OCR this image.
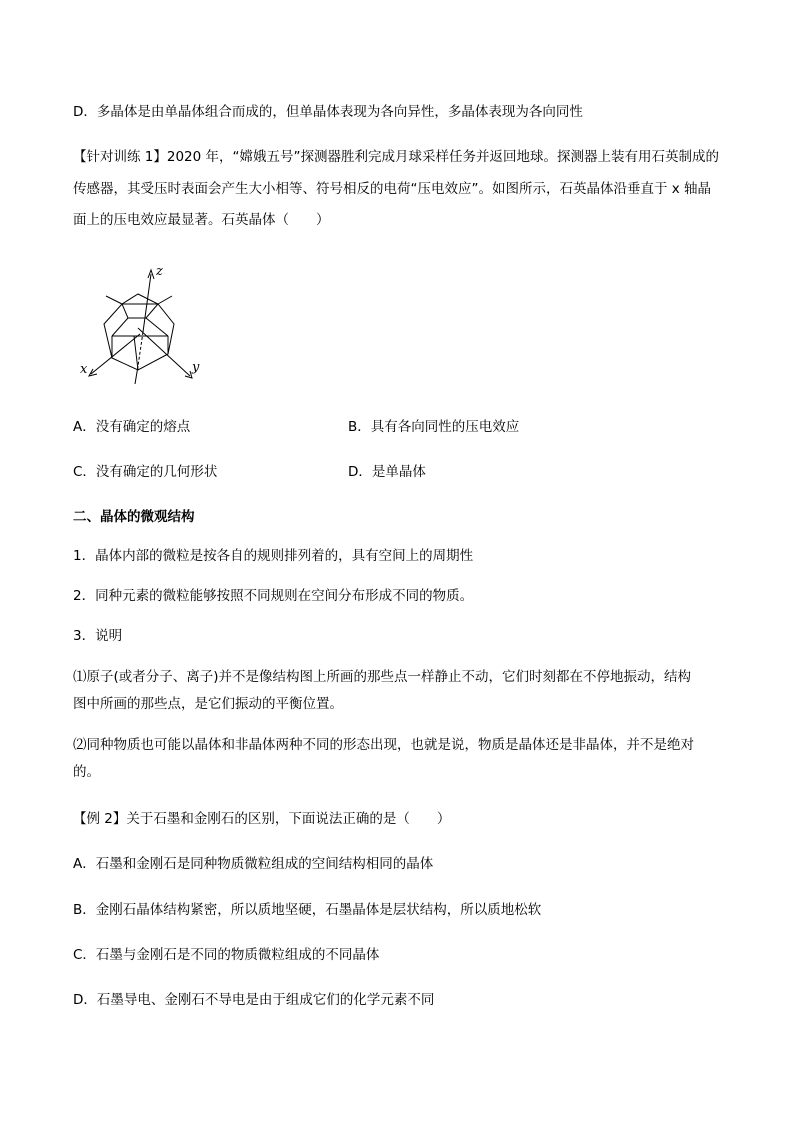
D．多晶体是由单晶体组合而成的，但单晶体表现为各向异性，多晶体表现为各向同性
【针对训练 1】2020 年，“嫦娥五号”探测器胜利完成月球采样任务并返回地球。探测器上装有用石英制成的
传感器，其受压时表面会产生大小相等、符号相反的电荷“压电效应”。如图所示，石英晶体沿垂直于 x 轴晶
面上的压电效应最显著。石英晶体（　　）
z
x	y
A．没有确定的熔点	B．具有各向同性的压电效应
C．没有确定的几何形状	D．是单晶体
二、晶体的微观结构
1．晶体内部的微粒是按各自的规则排列着的，具有空间上的周期性
2．同种元素的微粒能够按照不同规则在空间分布形成不同的物质。
3．说明
⑴原子(或者分子、离子)并不是像结构图上所画的那些点一样静止不动，它们时刻都在不停地振动，结构
图中所画的那些点，是它们振动的平衡位置。
⑵同种物质也可能以晶体和非晶体两种不同的形态出现，也就是说，物质是晶体还是非晶体，并不是绝对
的。
【例 2】关于石墨和金刚石的区别，下面说法正确的是（　　）
A．石墨和金刚石是同种物质微粒组成的空间结构相同的晶体
B．金刚石晶体结构紧密，所以质地坚硬，石墨晶体是层状结构，所以质地松软
C．石墨与金刚石是不同的物质微粒组成的不同晶体
D．石墨导电、金刚石不导电是由于组成它们的化学元素不同
